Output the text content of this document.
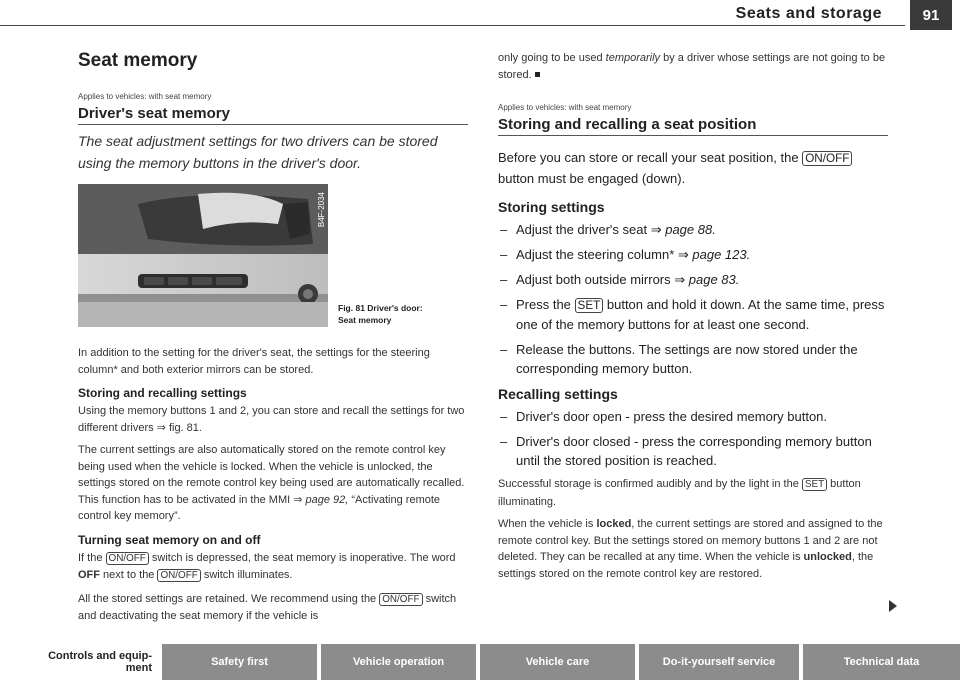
Seats and storage	91
Seat memory
Applies to vehicles: with seat memory
Driver's seat memory

The seat adjustment settings for two drivers can be stored using the memory buttons in the driver's door.

B4F-2034
Fig. 81 Driver's door:
Seat memory

In addition to the setting for the driver's seat, the settings for the steering column* and both exterior mirrors can be stored.

Storing and recalling settings

Using the memory buttons 1 and 2, you can store and recall the settings for two different drivers ⇒ fig. 81.

The current settings are also automatically stored on the remote control key being used when the vehicle is locked. When the vehicle is unlocked, the settings stored on the remote control key being used are automatically recalled. This function has to be activated in the MMI ⇒ page 92, “Activating remote control key memory”.

Turning seat memory on and off

If the ON/OFF switch is depressed, the seat memory is inoperative. The word OFF next to the ON/OFF switch illuminates.

All the stored settings are retained. We recommend using the ON/OFF switch and deactivating the seat memory if the vehicle is

only going to be used temporarily by a driver whose settings are not going to be stored.

Applies to vehicles: with seat memory
Storing and recalling a seat position

Before you can store or recall your seat position, the ON/OFF button must be engaged (down).

Storing settings
– Adjust the driver's seat ⇒ page 88.
– Adjust the steering column* ⇒ page 123.
– Adjust both outside mirrors ⇒ page 83.
– Press the SET button and hold it down. At the same time, press one of the memory buttons for at least one second.
– Release the buttons. The settings are now stored under the corresponding memory button.
Recalling settings
– Driver's door open - press the desired memory button.
– Driver's door closed - press the corresponding memory button until the stored position is reached.

Successful storage is confirmed audibly and by the light in the SET button illuminating.

When the vehicle is locked, the current settings are stored and assigned to the remote control key. But the settings stored on memory buttons 1 and 2 are not deleted. They can be recalled at any time. When the vehicle is unlocked, the settings stored on the remote control key are restored.

Controls and equip-
ment	Safety first	Vehicle operation	Vehicle care	Do-it-yourself service	Technical data
